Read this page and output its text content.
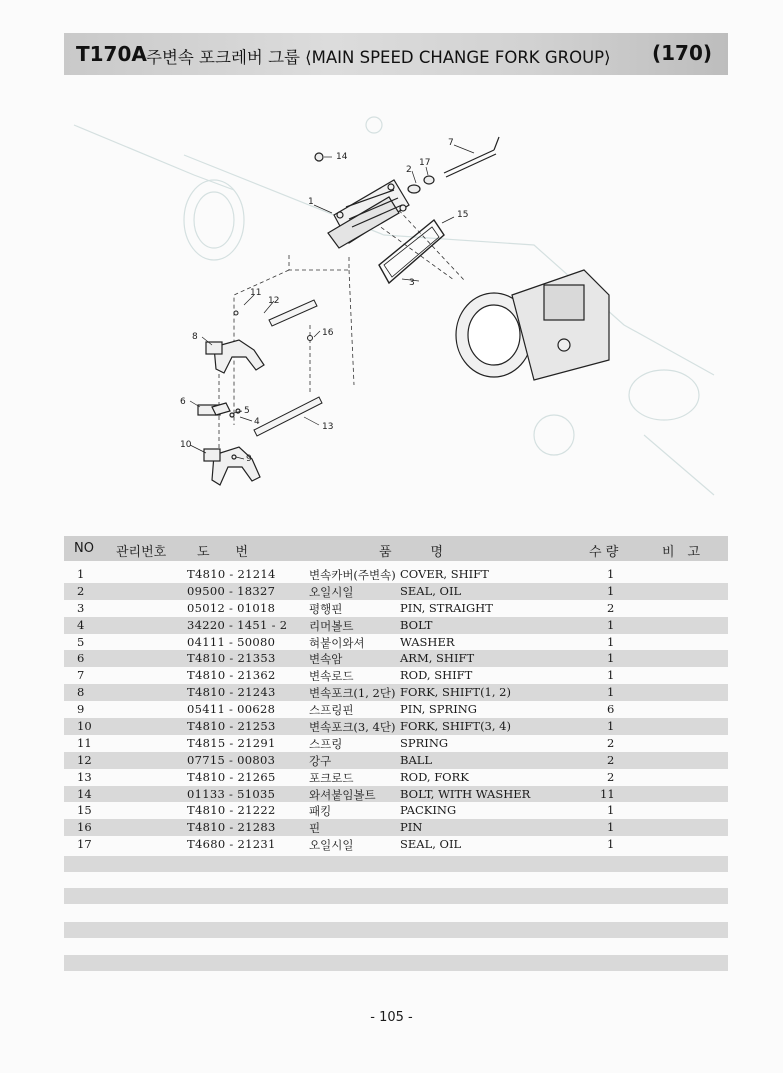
T170A 주변속 포크레버 그룹 ⟨MAIN SPEED CHANGE FORK GROUP⟩ (170)
14
1
2
17
7
15
3
11
12
16
8
6
5
4	13
10
9
NO 관리번호 도　　번	품　　　명	수 량	비　고
1	T4810 - 21214	변속카버(주변속) COVER, SHIFT	1
2	09500 - 18327	오일시일	SEAL, OIL	1
3	05012 - 01018	평행핀	PIN, STRAIGHT	2
4	34220 - 1451 - 2 리머볼트	BOLT	1
5	04111 - 50080	혀붙이와셔	WASHER	1
6	T4810 - 21353	변속암	ARM, SHIFT	1
7	T4810 - 21362	변속로드	ROD, SHIFT	1
8	T4810 - 21243	변속포크(1, 2단) FORK, SHIFT(1, 2)	1
9	05411 - 00628	스프링핀	PIN, SPRING	6
10	T4810 - 21253	변속포크(3, 4단) FORK, SHIFT(3, 4)	1
11	T4815 - 21291	스프링	SPRING	2
12	07715 - 00803	강구	BALL	2
13	T4810 - 21265	포크로드	ROD, FORK	2
14	01133 - 51035	와셔붙임볼트 BOLT, WITH WASHER	11
15	T4810 - 21222	패킹	PACKING	1
16	T4810 - 21283	핀	PIN	1
17	T4680 - 21231	오일시일	SEAL, OIL	1
- 105 -
